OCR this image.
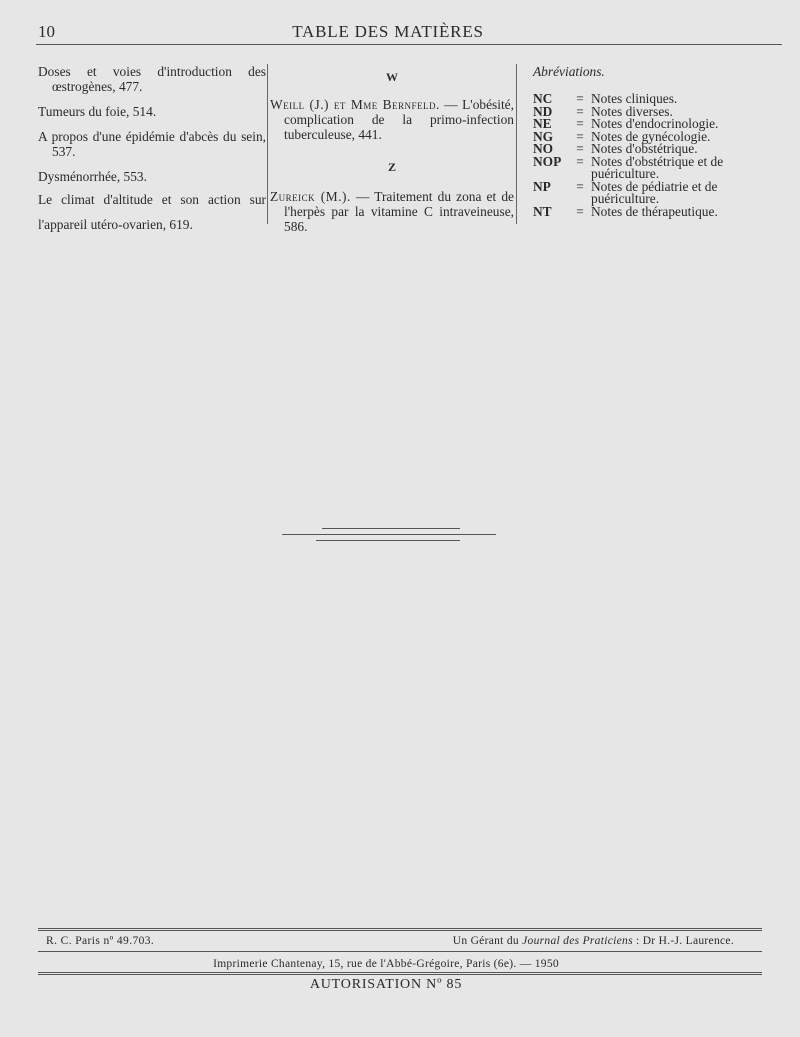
10	TABLE DES MATIÈRES

Doses et voies d'introduction des œstrogènes, 477.

Tumeurs du foie, 514.

A propos d'une épidémie d'abcès du sein, 537.

Dysménorrhée, 553.

Le climat d'altitude et son action sur

l'appareil utéro-ovarien, 619.

W

Weill (J.) et Mme Bernfeld. — L'obésité, complication de la primo-infection tuberculeuse, 441.

Z

Zureick (M.). — Traitement du zona et de l'herpès par la vitamine C intraveineuse, 586.

Abréviations.
NC	= Notes cliniques.
ND	= Notes diverses.
NE	= Notes d'endocrinologie.
NG	= Notes de gynécologie.
NO	= Notes d'obstétrique.
NOP	= Notes d'obstétrique et de puériculture.
NP	= Notes de pédiatrie et de puériculture.
NT	= Notes de thérapeutique.
R. C. Paris nº 49.703.	Un Gérant du Journal des Praticiens : Dr H.-J. Laurence.
Imprimerie Chantenay, 15, rue de l'Abbé-Grégoire, Paris (6e). — 1950
AUTORISATION Nº 85
